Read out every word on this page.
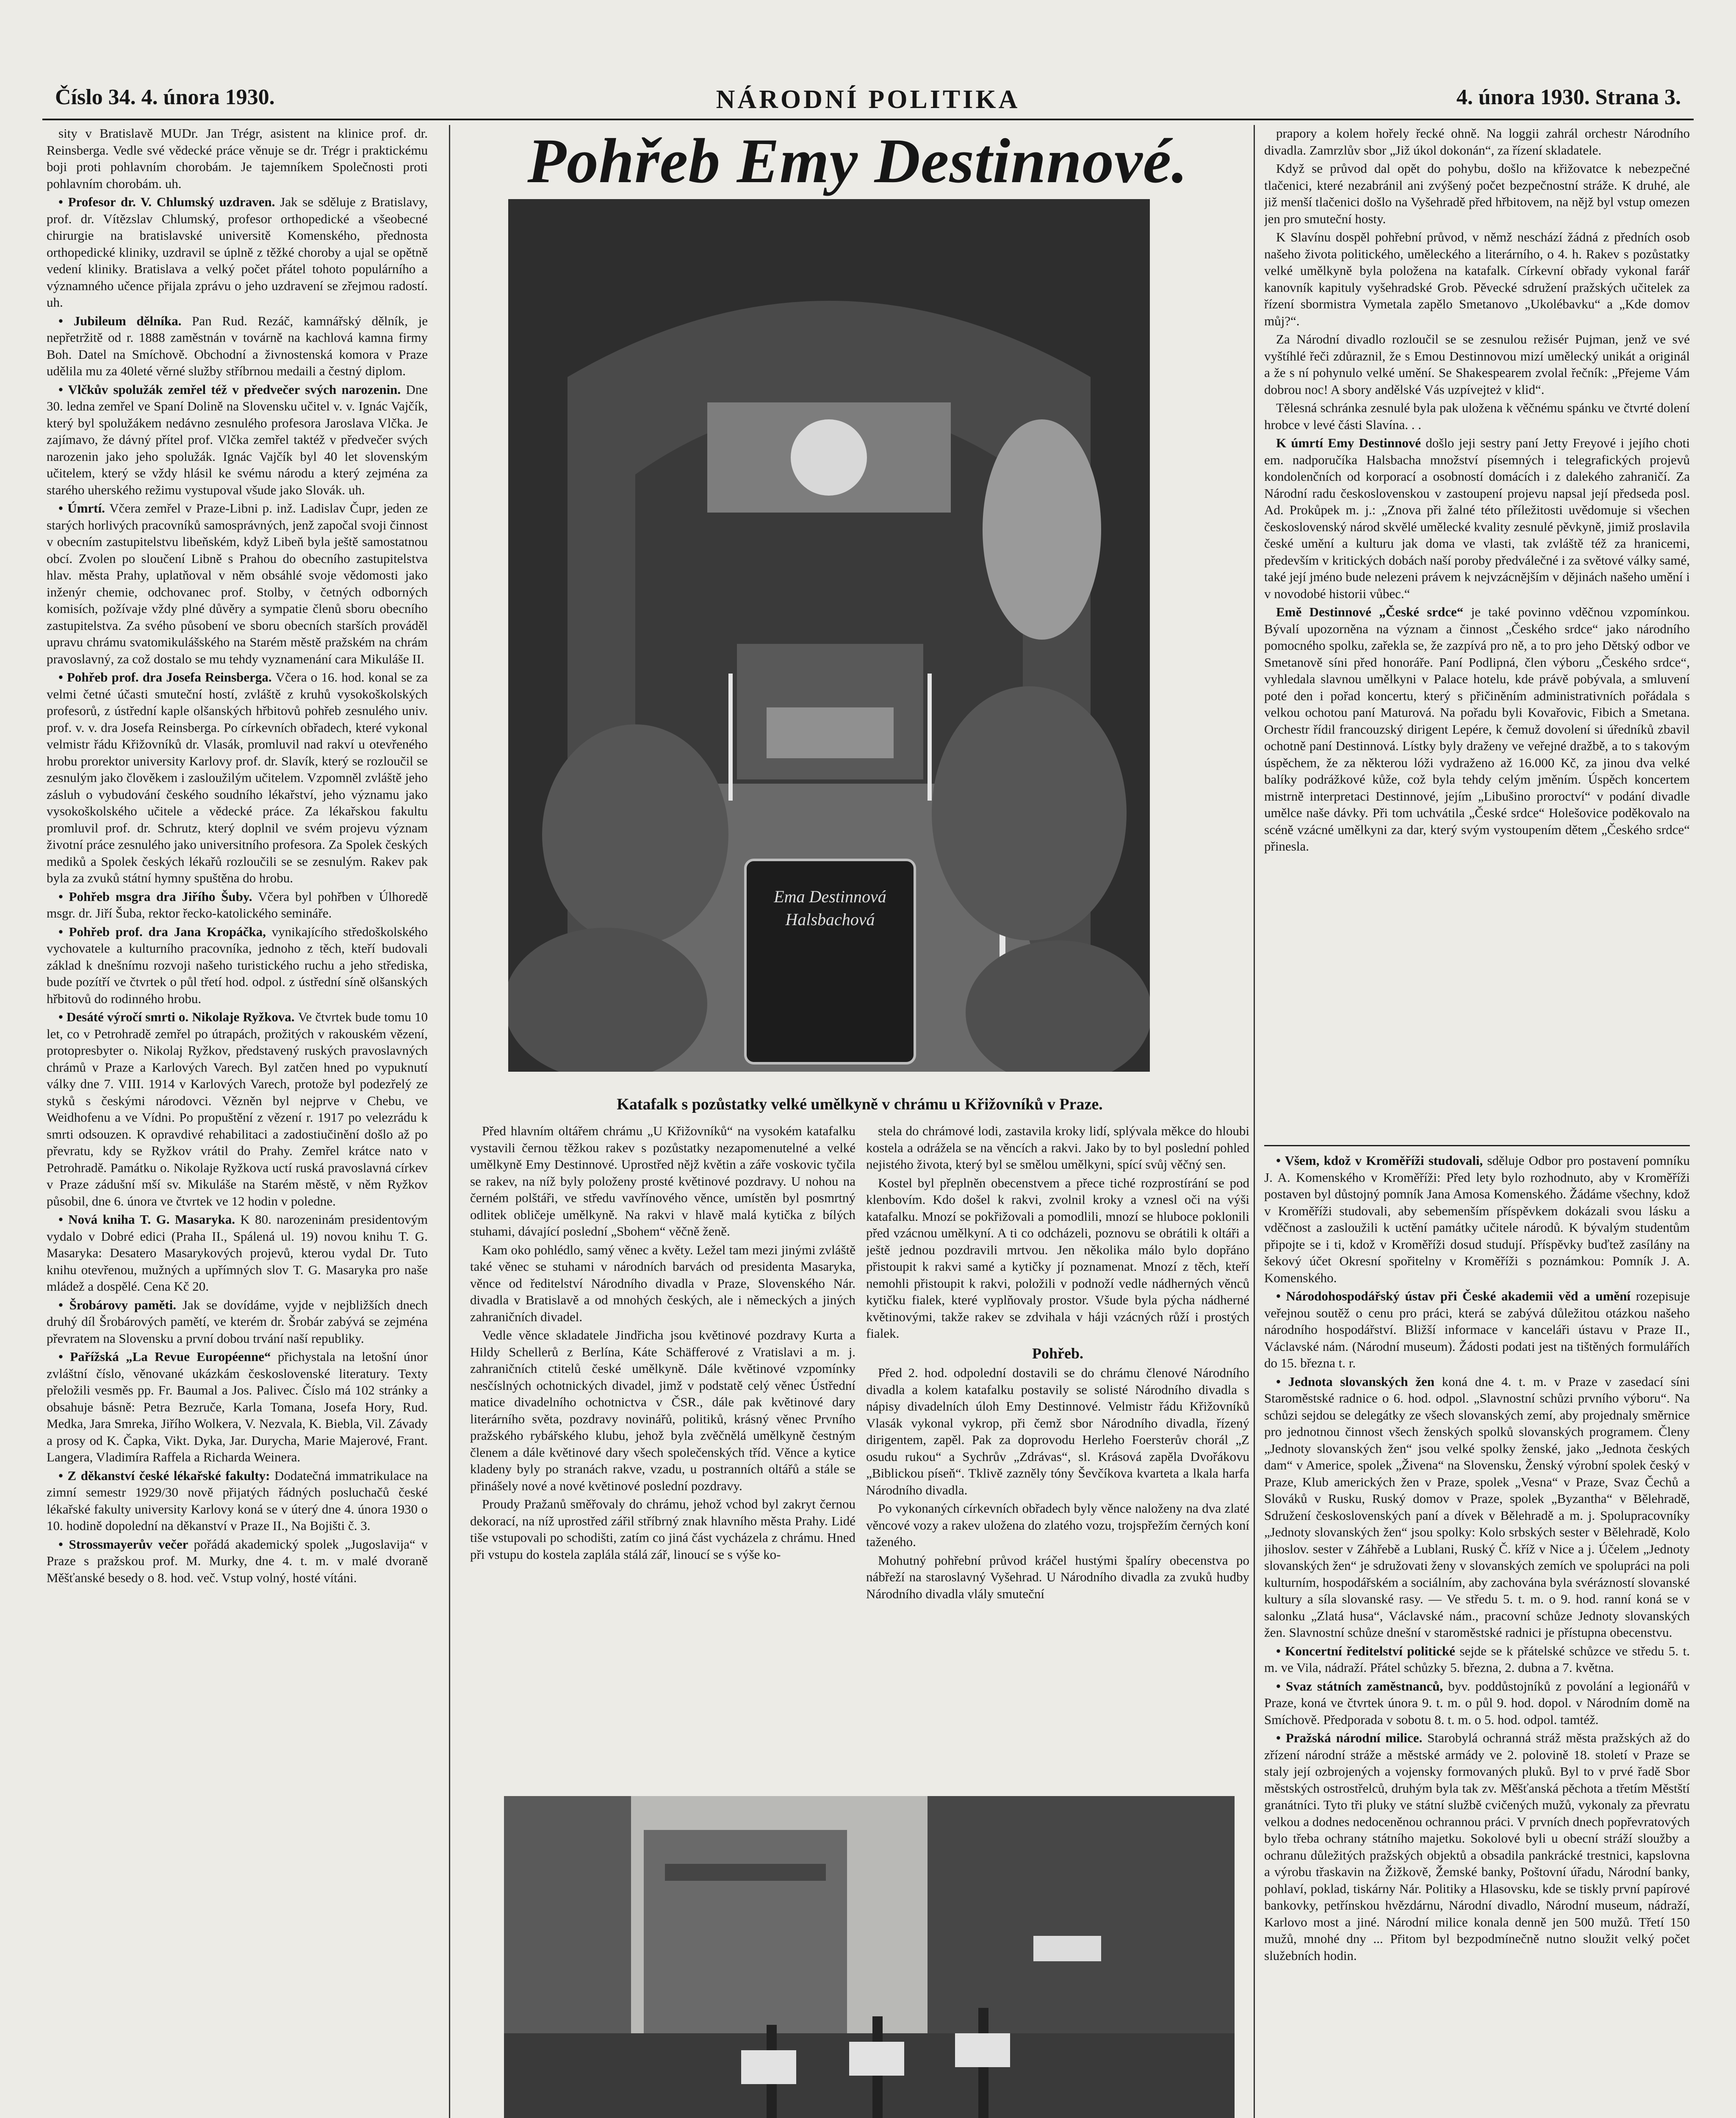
Číslo 34. 4. února 1930.	NÁRODNÍ POLITIKA	4. února 1930. Strana 3.

sity v Bratislavě MUDr. Jan Trégr, asistent na klinice prof. dr. Reinsberga. Vedle své vědecké práce věnuje se dr. Trégr i praktickému boji proti pohlavním chorobám. Je tajemníkem Společnosti proti pohlavním chorobám. uh.

• Profesor dr. V. Chlumský uzdraven. Jak se sděluje z Bratislavy, prof. dr. Vítězslav Chlumský, profesor orthopedické a všeobecné chirurgie na bratislavské universitě Komenského, přednosta orthopedické kliniky, uzdravil se úplně z těžké choroby a ujal se opětně vedení kliniky. Bratislava a velký počet přátel tohoto populárního a významného učence přijala zprávu o jeho uzdravení se zřejmou radostí. uh.

• Jubileum dělníka. Pan Rud. Rezáč, kamnářský dělník, je nepřetržitě od r. 1888 zaměstnán v továrně na kachlová kamna firmy Boh. Datel na Smíchově. Obchodní a živnostenská komora v Praze udělila mu za 40leté věrné služby stříbrnou medaili a čestný diplom.

• Vlčkův spolužák zemřel též v předvečer svých narozenin. Dne 30. ledna zemřel ve Spaní Dolině na Slovensku učitel v. v. Ignác Vajčík, který byl spolužákem nedávno zesnulého profesora Jaroslava Vlčka. Je zajímavo, že dávný přítel prof. Vlčka zemřel taktéž v předvečer svých narozenin jako jeho spolužák. Ignác Vajčík byl 40 let slovenským učitelem, který se vždy hlásil ke svému národu a který zejména za starého uherského režimu vystupoval všude jako Slovák. uh.

• Úmrtí. Včera zemřel v Praze-Libni p. inž. Ladislav Čupr, jeden ze starých horlivých pracovníků samosprávných, jenž započal svoji činnost v obecním zastupitelstvu libeňském, když Libeň byla ještě samostatnou obcí. Zvolen po sloučení Libně s Prahou do obecního zastupitelstva hlav. města Prahy, uplatňoval v něm obsáhlé svoje vědomosti jako inženýr chemie, odchovanec prof. Stolby, v četných odborných komisích, požívaje vždy plné důvěry a sympatie členů sboru obecního zastupitelstva. Za svého působení ve sboru obecních starších prováděl upravu chrámu svatomikulášského na Starém městě pražském na chrám pravoslavný, za což dostalo se mu tehdy vyznamenání cara Mikuláše II.

• Pohřeb prof. dra Josefa Reinsberga. Včera o 16. hod. konal se za velmi četné účasti smuteční hostí, zvláště z kruhů vysokoškolských profesorů, z ústřední kaple olšanských hřbitovů pohřeb zesnulého univ. prof. v. v. dra Josefa Reinsberga. Po církevních obřadech, které vykonal velmistr řádu Křižovníků dr. Vlasák, promluvil nad rakví u otevřeného hrobu prorektor university Karlovy prof. dr. Slavík, který se rozloučil se zesnulým jako člověkem i zasloužilým učitelem. Vzpomněl zvláště jeho zásluh o vybudování českého soudního lékařství, jeho významu jako vysokoškolského učitele a vědecké práce. Za lékařskou fakultu promluvil prof. dr. Schrutz, který doplnil ve svém projevu význam životní práce zesnulého jako universitního profesora. Za Spolek českých mediků a Spolek českých lékařů rozloučili se se zesnulým. Rakev pak byla za zvuků státní hymny spuštěna do hrobu.

• Pohřeb msgra dra Jiřího Šuby. Včera byl pohřben v Úlhoredě msgr. dr. Jiří Šuba, rektor řecko-katolického semináře.

• Pohřeb prof. dra Jana Kropáčka, vynikajícího středoškolského vychovatele a kulturního pracovníka, jednoho z těch, kteří budovali základ k dnešnímu rozvoji našeho turistického ruchu a jeho střediska, bude pozítří ve čtvrtek o půl třetí hod. odpol. z ústřední síně olšanských hřbitovů do rodinného hrobu.

• Desáté výročí smrti o. Nikolaje Ryžkova. Ve čtvrtek bude tomu 10 let, co v Petrohradě zemřel po útrapách, prožitých v rakouském vězení, protopresbyter o. Nikolaj Ryžkov, představený ruských pravoslavných chrámů v Praze a Karlových Varech. Byl zatčen hned po vypuknutí války dne 7. VIII. 1914 v Karlových Varech, protože byl podezřelý ze styků s českými národovci. Vězněn byl nejprve v Chebu, ve Weidhofenu a ve Vídni. Po propuštění z vězení r. 1917 po velezrádu k smrti odsouzen. K opravdivé rehabilitaci a zadostiučinění došlo až po převratu, kdy se Ryžkov vrátil do Prahy. Zemřel krátce nato v Petrohradě. Památku o. Nikolaje Ryžkova uctí ruská pravoslavná církev v Praze zádušní mší sv. Mikuláše na Starém městě, v něm Ryžkov působil, dne 6. února ve čtvrtek ve 12 hodin v poledne.

• Nová kniha T. G. Masaryka. K 80. narozeninám presidentovým vydalo v Dobré edici (Praha II., Spálená ul. 19) novou knihu T. G. Masaryka: Desatero Masarykových projevů, kterou vydal Dr. Tuto knihu otevřenou, mužných a upřímných slov T. G. Masaryka pro naše mládež a dospělé. Cena Kč 20.

• Šrobárovy paměti. Jak se dovídáme, vyjde v nejbližších dnech druhý díl Šrobárových pamětí, ve kterém dr. Šrobár zabývá se zejména převratem na Slovensku a první dobou trvání naší republiky.

• Pařížská „La Revue Européenne“ přichystala na letošní únor zvláštní číslo, věnované ukázkám československé literatury. Texty přeložili vesměs pp. Fr. Baumal a Jos. Palivec. Číslo má 102 stránky a obsahuje básně: Petra Bezruče, Karla Tomana, Josefa Hory, Rud. Medka, Jara Smreka, Jiřího Wolkera, V. Nezvala, K. Biebla, Vil. Závady a prosy od K. Čapka, Vikt. Dyka, Jar. Durycha, Marie Majerové, Frant. Langera, Vladimíra Raffela a Richarda Weinera.

• Z děkanství české lékařské fakulty: Dodatečná immatrikulace na zimní semestr 1929/30 nově přijatých řádných posluchačů české lékařské fakulty university Karlovy koná se v úterý dne 4. února 1930 o 10. hodině dopolední na děkanství v Praze II., Na Bojišti č. 3.

• Strossmayerův večer pořádá akademický spolek „Jugoslavija“ v Praze s pražskou prof. M. Murky, dne 4. t. m. v malé dvoraně Měšťanské besedy o 8. hod. več. Vstup volný, hosté vítáni.

Pohřeb Emy Destinnové.
Ema Destinnová Halsbachová
Katafalk s pozůstatky velké umělkyně v chrámu u Křižovníků v Praze.

Před hlavním oltářem chrámu „U Křižovníků“ na vysokém katafalku vystavili černou těžkou rakev s pozůstatky nezapomenutelné a velké umělkyně Emy Destinnové. Uprostřed nějž květin a záře voskovic tyčila se rakev, na níž byly položeny prosté květinové pozdravy. U nohou na černém polštáři, ve středu vavřínového věnce, umístěn byl posmrtný odlitek obličeje umělkyně. Na rakvi v hlavě malá kytička z bílých stuhami, dávající poslední „Sbohem“ věčně ženě.

Kam oko pohlédlo, samý věnec a květy. Ležel tam mezi jinými zvláště také věnec se stuhami v národních barvách od presidenta Masaryka, věnce od ředitelství Národního divadla v Praze, Slovenského Nár. divadla v Bratislavě a od mnohých českých, ale i německých a jiných zahraničních divadel.

Vedle věnce skladatele Jindřicha jsou květinové pozdravy Kurta a Hildy Schellerů z Berlína, Káte Schäfferové z Vratislavi a m. j. zahraničních ctitelů české umělkyně. Dále květinové vzpomínky nesčíslných ochotnických divadel, jimž v podstatě celý věnec Ústřední matice divadelního ochotnictva v ČSR., dále pak květinové dary literárního světa, pozdravy novinářů, politiků, krásný věnec Prvního pražského rybářského klubu, jehož byla zvěčnělá umělkyně čestným členem a dále květinové dary všech společenských tříd. Věnce a kytice kladeny byly po stranách rakve, vzadu, u postranních oltářů a stále se přinášely nové a nové květinové poslední pozdravy.

Proudy Pražanů směřovaly do chrámu, jehož vchod byl zakryt černou dekorací, na níž uprostřed zářil stříbrný znak hlavního města Prahy. Lidé tiše vstupovali po schodišti, zatím co jiná část vycházela z chrámu. Hned při vstupu do kostela zaplála stálá zář, linoucí se s výše ko-

stela do chrámové lodi, zastavila kroky lidí, splývala měkce do hloubi kostela a odrážela se na věncích a rakvi. Jako by to byl poslední pohled nejistého života, který byl se smělou umělkyni, spící svůj věčný sen.

Kostel byl přeplněn obecenstvem a přece tiché rozprostírání se pod klenbovím. Kdo došel k rakvi, zvolnil kroky a vznesl oči na výši katafalku. Mnozí se pokřižovali a pomodlili, mnozí se hluboce poklonili před vzácnou umělkyní. A ti co odcházeli, poznovu se obrátili k oltáři a ještě jednou pozdravili mrtvou. Jen několika málo bylo dopřáno přistoupit k rakvi samé a kytičky jí poznamenat. Mnozí z těch, kteří nemohli přistoupit k rakvi, položili v podnoží vedle nádherných věnců kytičku fialek, které vyplňovaly prostor. Všude byla pýcha nádherné květinovými, takže rakev se zdvihala v háji vzácných růží i prostých fialek.

Pohřeb.

Před 2. hod. odpolední dostavili se do chrámu členové Národního divadla a kolem katafalku postavily se solisté Národního divadla s nápisy divadelních úloh Emy Destinnové. Velmistr řádu Křižovníků Vlasák vykonal vykrop, při čemž sbor Národního divadla, řízený dirigentem, zapěl. Pak za doprovodu Herleho Foersterův chorál „Z osudu rukou“ a Sychrův „Zdrávas“, sl. Krásová zapěla Dvořákovu „Biblickou píseň“. Tklivě zazněly tóny Ševčíkova kvarteta a lkala harfa Národního divadla.

Po vykonaných církevních obřadech byly věnce naloženy na dva zlaté věncové vozy a rakev uložena do zlatého vozu, trojspřežím černých koní taženého.

Mohutný pohřební průvod kráčel hustými špalíry obecenstva po nábřeží na staroslavný Vyšehrad. U Národního divadla za zvuků hudby Národního divadla vlály smuteční

prapory a kolem hořely řecké ohně. Na loggii zahrál orchestr Národního divadla. Zamrzlův sbor „Již úkol dokonán“, za řízení skladatele.

Když se průvod dal opět do pohybu, došlo na křižovatce k nebezpečné tlačenici, které nezabránil ani zvýšený počet bezpečnostní stráže. K druhé, ale již menší tlačenici došlo na Vyšehradě před hřbitovem, na nějž byl vstup omezen jen pro smuteční hosty.

K Slavínu dospěl pohřební průvod, v němž neschází žádná z předních osob našeho života politického, uměleckého a literárního, o 4. h. Rakev s pozůstatky velké umělkyně byla položena na katafalk. Církevní obřady vykonal farář kanovník kapituly vyšehradské Grob. Pěvecké sdružení pražských učitelek za řízení sbormistra Vymetala zapělo Smetanovo „Ukolébavku“ a „Kde domov můj?“.

Za Národní divadlo rozloučil se se zesnulou režisér Pujman, jenž ve své vyštíhlé řeči zdůraznil, že s Emou Destinnovou mizí umělecký unikát a originál a že s ní pohynulo velké umění. Se Shakespearem zvolal řečník: „Přejeme Vám dobrou noc! A sbory andělské Vás uzpívejteż v klid“.

Tělesná schránka zesnulé byla pak uložena k věčnému spánku ve čtvrté dolení hrobce v levé části Slavína. . .

K úmrtí Emy Destinnové došlo jeji sestry paní Jetty Freyové i jejího choti em. nadporučíka Halsbacha množství písemných i telegrafických projevů kondolenčních od korporací a osobností domácích i z dalekého zahraničí. Za Národní radu československou v zastoupení projevu napsal její předseda posl. Ad. Prokůpek m. j.: „Znova při žalné této příležitosti uvědomuje si všechen československý národ skvělé umělecké kvality zesnulé pěvkyně, jimiž proslavila české umění a kulturu jak doma ve vlasti, tak zvláště též za hranicemi, především v kritických dobách naší poroby předválečné i za světové války samé, také její jméno bude nelezeni právem k nejvzácnějším v dějinách našeho umění i v novodobé historii vůbec.“

Emě Destinnové „České srdce“ je také povinno vděčnou vzpomínkou. Bývalí upozorněna na význam a činnost „Českého srdce“ jako národního pomocného spolku, zařekla se, že zazpívá pro ně, a to pro jeho Dětský odbor ve Smetanově síni před honoráře. Paní Podlipná, člen výboru „Českého srdce“, vyhledala slavnou umělkyni v Palace hotelu, kde právě pobývala, a smluvení poté den i pořad koncertu, který s přičiněním administrativních pořádala s velkou ochotou paní Maturová. Na pořadu byli Kovařovic, Fibich a Smetana. Orchestr řídil francouzský dirigent Lepére, k čemuž dovolení si úředníků zbavil ochotně paní Destinnová. Lístky byly draženy ve veřejné dražbě, a to s takovým úspěchem, že za některou lóži vydraženo až 16.000 Kč, za jinou dva velké balíky podrážkové kůže, což byla tehdy celým jměním. Úspěch koncertem mistrně interpretaci Destinnové, jejím „Libušino proroctví“ v podání divadle umělce naše dávky. Při tom uchvátila „České srdce“ Holešovice poděkovalo na scéně vzácné umělkyni za dar, který svým vystoupením dětem „Českého srdce“ přinesla.

• Všem, kdož v Kroměříži studovali, sděluje Odbor pro postavení pomníku J. A. Komenského v Kroměříži: Před lety bylo rozhodnuto, aby v Kroměříži postaven byl důstojný pomník Jana Amosa Komenského. Žádáme všechny, kdož v Kroměříži studovali, aby sebemenším příspěvkem dokázali svou lásku a vděčnost a zasloužili k uctění památky učitele národů. K bývalým studentům připojte se i ti, kdož v Kroměříži dosud studují. Příspěvky buďtež zasílány na šekový účet Okresní spořitelny v Kroměříži s poznámkou: Pomník J. A. Komenského.

• Národohospodářský ústav při České akademii věd a umění rozepisuje veřejnou soutěž o cenu pro práci, která se zabývá důležitou otázkou našeho národního hospodářství. Bližší informace v kanceláři ústavu v Praze II., Václavské nám. (Národní museum). Žádosti podati jest na tištěných formulářích do 15. března t. r.

• Jednota slovanských žen koná dne 4. t. m. v Praze v zasedací síni Staroměstské radnice o 6. hod. odpol. „Slavnostní schůzi prvního výboru“. Na schůzi sejdou se delegátky ze všech slovanských zemí, aby projednaly směrnice pro jednotnou činnost všech ženských spolků slovanských programem. Členy „Jednoty slovanských žen“ jsou velké spolky ženské, jako „Jednota českých dam“ v Americe, spolek „Živena“ na Slovensku, Ženský výrobní spolek český v Praze, Klub amerických žen v Praze, spolek „Vesna“ v Praze, Svaz Čechů a Slováků v Rusku, Ruský domov v Praze, spolek „Byzantha“ v Bělehradě, Sdružení československých paní a dívek v Bělehradě a m. j. Spolupracovníky „Jednoty slovanských žen“ jsou spolky: Kolo srbských sester v Bělehradě, Kolo jihoslov. sester v Záhřebě a Lublani, Ruský Č. kříž v Nice a j. Účelem „Jednoty slovanských žen“ je sdružovati ženy v slovanských zemích ve spolupráci na poli kulturním, hospodářském a sociálním, aby zachována byla svérázností slovanské kultury a síla slovanské rasy. — Ve středu 5. t. m. o 9. hod. ranní koná se v salonku „Zlatá husa“, Václavské nám., pracovní schůze Jednoty slovanských žen. Slavnostní schůze dnešní v staroměstské radnici je přístupna obecenstvu.

• Koncertní ředitelství politické sejde se k přátelské schůzce ve středu 5. t. m. ve Vila, nádraží. Přátel schůzky 5. března, 2. dubna a 7. května.

• Svaz státních zaměstnanců, byv. poddůstojníků z povolání a legionářů v Praze, koná ve čtvrtek února 9. t. m. o půl 9. hod. dopol. v Národním domě na Smíchově. Předporada v sobotu 8. t. m. o 5. hod. odpol. tamtéž.

• Pražská národní milice. Starobylá ochranná stráž města pražských až do zřízení národní stráže a městské armády ve 2. polovině 18. století v Praze se staly její ozbrojených a vojensky formovaných pluků. Byl to v prvé řadě Sbor městských ostrostřelců, druhým byla tak zv. Měšťanská pěchota a třetím Městští granátníci. Tyto tři pluky ve státní službě cvičených mužů, vykonaly za převratu velkou a dodnes nedoceněnou ochrannou práci. V prvních dnech popřevratových bylo třeba ochrany státního majetku. Sokolové byli u obecní stráží sloužby a ochranu důležitých pražských objektů a obsadila pankrácké trestnici, kapslovna a výrobu třaskavin na Žižkově, Žemské banky, Poštovní úřadu, Národní banky, pohlaví, poklad, tiskárny Nár. Politiky a Hlasovsku, kde se tiskly první papírové bankovky, petřínskou hvězdárnu, Národní divadlo, Národní museum, nádraží, Karlovo most a jiné. Národní milice konala denně jen 500 mužů. Třetí 150 mužů, mnohé dny ... Přitom byl bezpodmínečně nutno sloužit velký počet služebních hodin.
